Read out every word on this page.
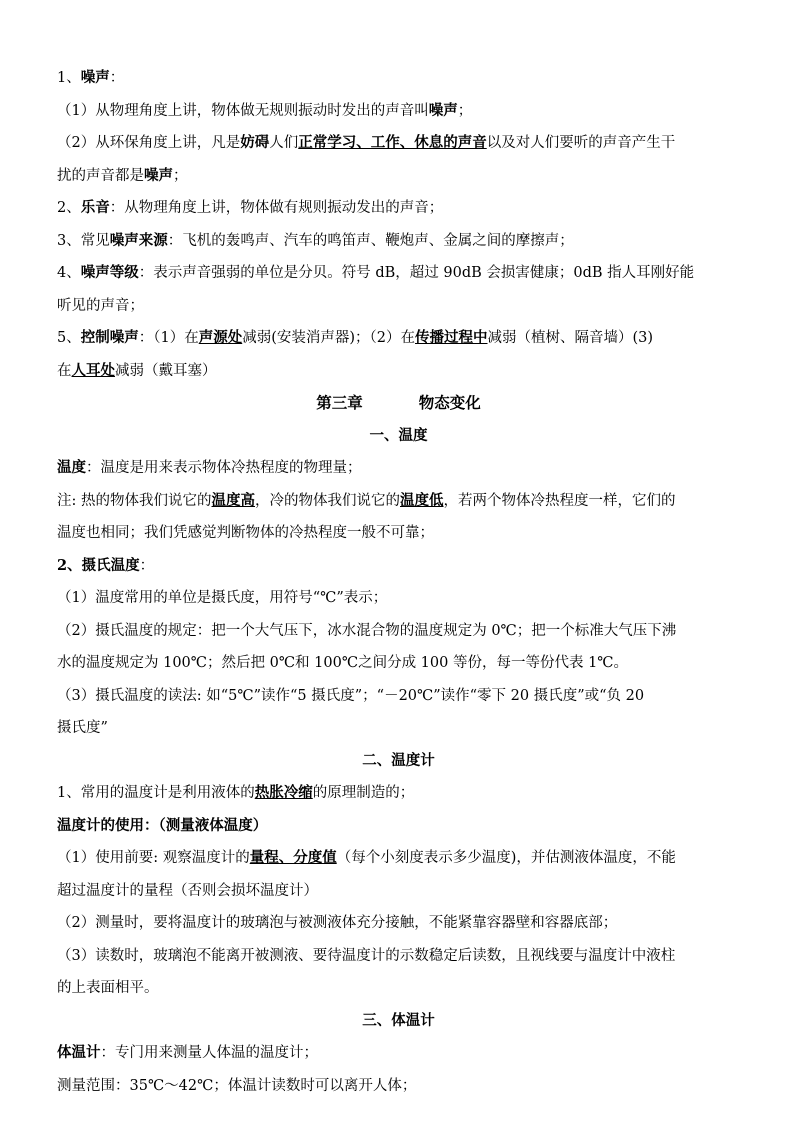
1、噪声：

（1）从物理角度上讲，物体做无规则振动时发出的声音叫噪声；

（2）从环保角度上讲，凡是妨碍人们正常学习、工作、休息的声音以及对人们要听的声音产生干

扰的声音都是噪声；

2、乐音：从物理角度上讲，物体做有规则振动发出的声音；

3、常见噪声来源：飞机的轰鸣声、汽车的鸣笛声、鞭炮声、金属之间的摩擦声；

4、噪声等级：表示声音强弱的单位是分贝。符号 dB，超过 90dB 会损害健康；0dB 指人耳刚好能

听见的声音；

5、控制噪声：（1）在声源处减弱(安装消声器)；（2）在传播过程中减弱（植树、隔音墙）(3)

在人耳处减弱（戴耳塞）

第三章	物态变化

一、温度

温度：温度是用来表示物体冷热程度的物理量；

注: 热的物体我们说它的温度高，冷的物体我们说它的温度低，若两个物体冷热程度一样，它们的

温度也相同；我们凭感觉判断物体的冷热程度一般不可靠；

2、摄氏温度：

（1）温度常用的单位是摄氏度，用符号“℃”表示；

（2）摄氏温度的规定：把一个大气压下，冰水混合物的温度规定为 0℃；把一个标准大气压下沸

水的温度规定为 100℃；然后把 0℃和 100℃之间分成 100 等份，每一等份代表 1℃。

（3）摄氏温度的读法: 如“5℃”读作“5 摄氏度”；“－20℃”读作“零下 20 摄氏度”或“负 20

摄氏度”

二、温度计

1、常用的温度计是利用液体的热胀冷缩的原理制造的；

温度计的使用：（测量液体温度）

（1）使用前要: 观察温度计的量程、分度值（每个小刻度表示多少温度)，并估测液体温度，不能

超过温度计的量程（否则会损坏温度计）

（2）测量时，要将温度计的玻璃泡与被测液体充分接触，不能紧靠容器壁和容器底部；

（3）读数时，玻璃泡不能离开被测液、要待温度计的示数稳定后读数，且视线要与温度计中液柱

的上表面相平。

三、体温计

体温计：专门用来测量人体温的温度计；

测量范围：35℃～42℃；体温计读数时可以离开人体；
